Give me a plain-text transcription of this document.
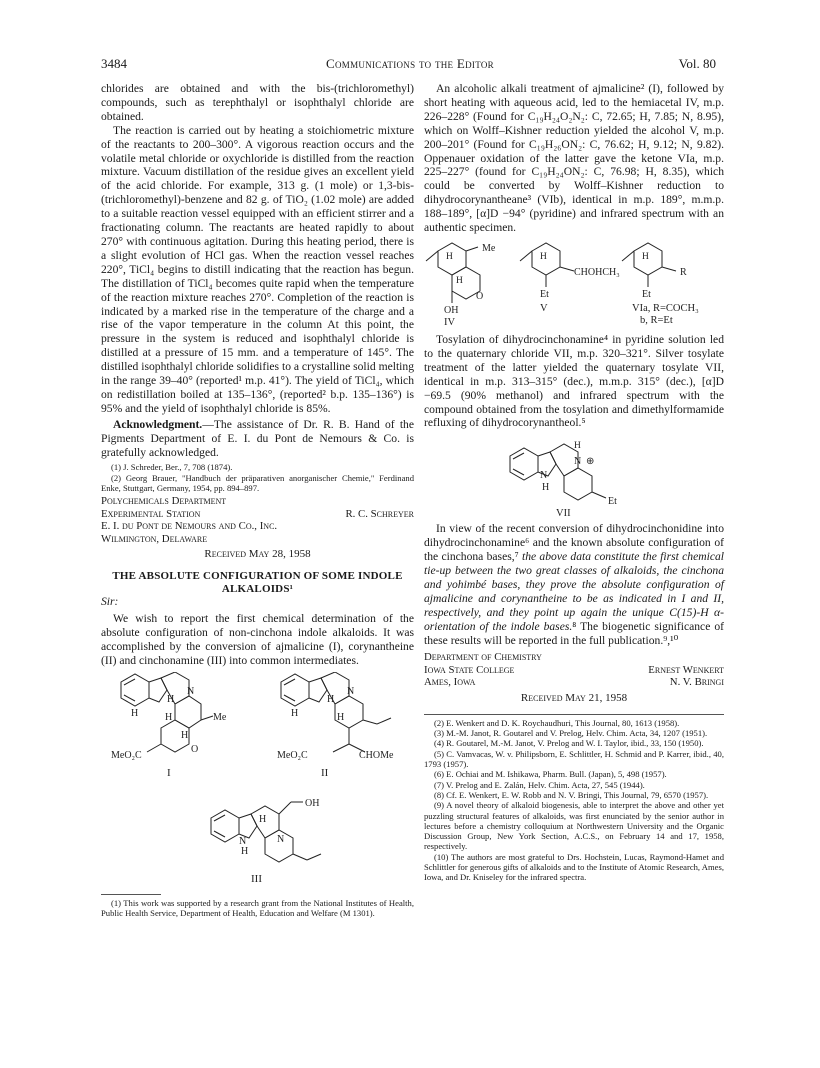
3484	Communications to the Editor	Vol. 80

chlorides are obtained and with the bis-(trichloromethyl) compounds, such as terephthalyl or isophthalyl chloride are obtained.

The reaction is carried out by heating a stoichiometric mixture of the reactants to 200–300°. A vigorous reaction occurs and the volatile metal chloride or oxychloride is distilled from the reaction mixture. Vacuum distillation of the residue gives an excellent yield of the acid chloride. For example, 313 g. (1 mole) or 1,3-bis-(trichloromethyl)-benzene and 82 g. of TiO₂ (1.02 mole) are added to a suitable reaction vessel equipped with an efficient stirrer and a fractionating column. The reactants are heated rapidly to about 270° with continuous agitation. During this heating period, there is a slight evolution of HCl gas. When the reaction vessel reaches 220°, TiCl₄ begins to distill indicating that the reaction has begun. The distillation of TiCl₄ becomes quite rapid when the temperature of the reaction mixture reaches 270°. Completion of the reaction is indicated by a marked rise in the temperature of the charge and a rise of the vapor temperature in the column At this point, the pressure in the system is reduced and isophthalyl chloride is distilled at a pressure of 15 mm. and a temperature of 145°. The distilled isophthalyl chloride solidifies to a crystalline solid melting in the range 39–40° (reported¹ m.p. 41°). The yield of TiCl₄, which on redistillation boiled at 135–136°, (reported² b.p. 135–136°) is 95% and the yield of isophthalyl chloride is 85%.

Acknowledgment.—The assistance of Dr. R. B. Hand of the Pigments Department of E. I. du Pont de Nemours & Co. is gratefully acknowledged.

(1) J. Schreder, Ber., 7, 708 (1874).

(2) Georg Brauer, "Handbuch der präparativen anorganischer Chemie," Ferdinand Enke, Stuttgart, Germany, 1954, pp. 894–897.

Polychemicals Department
Experimental Station	R. C. Schreyer
E. I. du Pont de Nemours and Co., Inc.
Wilmington, Delaware
Received May 28, 1958
THE ABSOLUTE CONFIGURATION OF SOME INDOLE ALKALOIDS¹

Sir:

We wish to report the first chemical determination of the absolute configuration of non-cinchona indole alkaloids. It was accomplished by the conversion of ajmalicine (I), corynantheine (II) and cinchonamine (III) into common intermediates.

H
H
N
H
H
Me
O
MeO₂C
I
H
N
H
H
MeO₂C	CHOMe
II
OH
H
N
N
H
III

(1) This work was supported by a research grant from the National Institutes of Health, Public Health Service, Department of Health, Education and Welfare (M 1301).

An alcoholic alkali treatment of ajmalicine² (I), followed by short heating with aqueous acid, led to the hemiacetal IV, m.p. 226–228° (Found for C₁₉H₂₄O₂N₂: C, 72.65; H, 7.85; N, 8.95), which on Wolff–Kishner reduction yielded the alcohol V, m.p. 200–201° (Found for C₁₉H₂₆ON₂: C, 76.62; H, 9.12; N, 9.82). Oppenauer oxidation of the latter gave the ketone VIa, m.p. 225–227° (found for C₁₉H₂₄ON₂: C, 76.98; H, 8.35), which could be converted by Wolff–Kishner reduction to dihydrocorynantheane³ (VIb), identical in m.p. 189°, m.m.p. 188–189°, [α]D −94° (pyridine) and infrared spectrum with an authentic specimen.

H
Me
H
O
OH
IV
H
CHOHCH₃
Et
V
H
R
Et
VIa, R=COCH₃
b, R=Et

Tosylation of dihydrocinchonamine⁴ in pyridine solution led to the quaternary chloride VII, m.p. 320–321°. Silver tosylate treatment of the latter yielded the quaternary tosylate VII, identical in m.p. 313–315° (dec.), m.m.p. 315° (dec.), [α]D −69.5 (90% methanol) and infrared spectrum with the compound obtained from the tosylation and dimethylformamide refluxing of dihydrocorynantheol.⁵

H
N
N
⊕
H
Et
VII

In view of the recent conversion of dihydrocinchonidine into dihydrocinchonamine⁶ and the known absolute configuration of the cinchona bases,⁷ the above data constitute the first chemical tie-up between the two great classes of alkaloids, the cinchona and yohimbé bases, they prove the absolute configuration of ajmalicine and corynantheine to be as indicated in I and II, respectively, and they point up again the unique C(15)-H α-orientation of the indole bases.⁸ The biogenetic significance of these results will be reported in the full publication.⁹,¹⁰

Department of Chemistry
Iowa State College	Ernest Wenkert
Ames, Iowa	N. V. Bringi
Received May 21, 1958

(2) E. Wenkert and D. K. Roychaudhuri, This Journal, 80, 1613 (1958).

(3) M.-M. Janot, R. Goutarel and V. Prelog, Helv. Chim. Acta, 34, 1207 (1951).

(4) R. Goutarel, M.-M. Janot, V. Prelog and W. I. Taylor, ibid., 33, 150 (1950).

(5) C. Vamvacas, W. v. Philipsborn, E. Schlittler, H. Schmid and P. Karrer, ibid., 40, 1793 (1957).

(6) E. Ochiai and M. Ishikawa, Pharm. Bull. (Japan), 5, 498 (1957).

(7) V. Prelog and E. Zalán, Helv. Chim. Acta, 27, 545 (1944).

(8) Cf. E. Wenkert, E. W. Robb and N. V. Bringi, This Journal, 79, 6570 (1957).

(9) A novel theory of alkaloid biogenesis, able to interpret the above and other yet puzzling structural features of alkaloids, was first enunciated by the senior author in lectures before a chemistry colloquium at Northwestern University and the Organic Discussion Group, New York Section, A.C.S., on February 14 and 17, 1958, respectively.

(10) The authors are most grateful to Drs. Hochstein, Lucas, Raymond-Hamet and Schlittler for generous gifts of alkaloids and to the Institute of Atomic Research, Ames, Iowa, and Dr. Kniseley for the infrared spectra.
